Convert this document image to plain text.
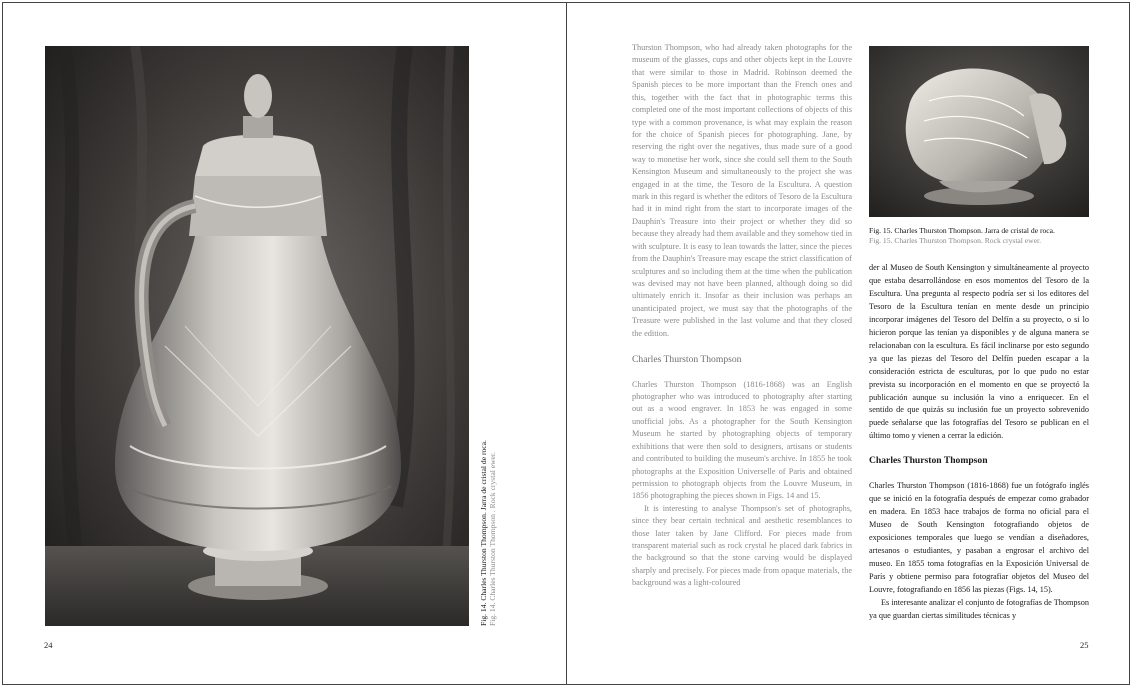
Fig. 14. Charles Thurston Thompson. Jarra de cristal de roca. Fig. 14. Charles Thurston Thompson . Rock crystal ewer.
24

Thurston Thompson, who had already taken photographs for the museum of the glasses, cups and other objects kept in the Louvre that were similar to those in Madrid. Robinson deemed the Spanish pieces to be more important than the French ones and this, together with the fact that in photographic terms this completed one of the most important collections of objects of this type with a common provenance, is what may explain the reason for the choice of Spanish pieces for photographing. Jane, by reserving the right over the negatives, thus made sure of a good way to monetise her work, since she could sell them to the South Kensington Museum and simultaneously to the project she was engaged in at the time, the Tesoro de la Escultura. A question mark in this regard is whether the editors of Tesoro de la Escultura had it in mind right from the start to incorporate images of the Dauphin's Treasure into their project or whether they did so because they already had them available and they somehow tied in with sculpture. It is easy to lean towards the latter, since the pieces from the Dauphin's Treasure may escape the strict classification of sculptures and so including them at the time when the publication was devised may not have been planned, although doing so did ultimately enrich it. Insofar as their inclusion was perhaps an unanticipated project, we must say that the photographs of the Treasure were published in the last volume and that they closed the edition.

Charles Thurston Thompson

Charles Thurston Thompson (1816-1868) was an English photographer who was introduced to photography after starting out as a wood engraver. In 1853 he was engaged in some unofficial jobs. As a photographer for the South Kensington Museum he started by photographing objects of temporary exhibitions that were then sold to designers, artisans or students and contributed to building the museum's archive. In 1855 he took photographs at the Exposition Universelle of Paris and obtained permission to photograph objects from the Louvre Museum, in 1856 photographing the pieces shown in Figs. 14 and 15.

It is interesting to analyse Thompson's set of photographs, since they bear certain technical and aesthetic resemblances to those later taken by Jane Clifford. For pieces made from transparent material such as rock crystal he placed dark fabrics in the background so that the stone carving would be displayed sharply and precisely. For pieces made from opaque materials, the background was a light-coloured

Fig. 15. Charles Thurston Thompson. Jarra de cristal de roca.
Fig. 15. Charles Thurston Thompson. Rock crystal ewer.

der al Museo de South Kensington y simultáneamente al proyecto que estaba desarrollándose en esos momentos del Tesoro de la Escultura. Una pregunta al respecto podría ser si los editores del Tesoro de la Escultura tenían en mente desde un principio incorporar imágenes del Tesoro del Delfín a su proyecto, o si lo hicieron porque las tenían ya disponibles y de alguna manera se relacionaban con la escultura. Es fácil inclinarse por esto segundo ya que las piezas del Tesoro del Delfín pueden escapar a la consideración estricta de esculturas, por lo que pudo no estar prevista su incorporación en el momento en que se proyectó la publicación aunque su inclusión la vino a enriquecer. En el sentido de que quizás su inclusión fue un proyecto sobrevenido puede señalarse que las fotografías del Tesoro se publican en el último tomo y vienen a cerrar la edición.

Charles Thurston Thompson

Charles Thurston Thompson (1816-1868) fue un fotógrafo inglés que se inició en la fotografía después de empezar como grabador en madera. En 1853 hace trabajos de forma no oficial para el Museo de South Kensington fotografiando objetos de exposiciones temporales que luego se vendían a diseñadores, artesanos o estudiantes, y pasaban a engrosar el archivo del museo. En 1855 toma fotografías en la Exposición Universal de París y obtiene permiso para fotografiar objetos del Museo del Louvre, fotografiando en 1856 las piezas (Figs. 14, 15).

Es interesante analizar el conjunto de fotografías de Thompson ya que guardan ciertas similitudes técnicas y

25
